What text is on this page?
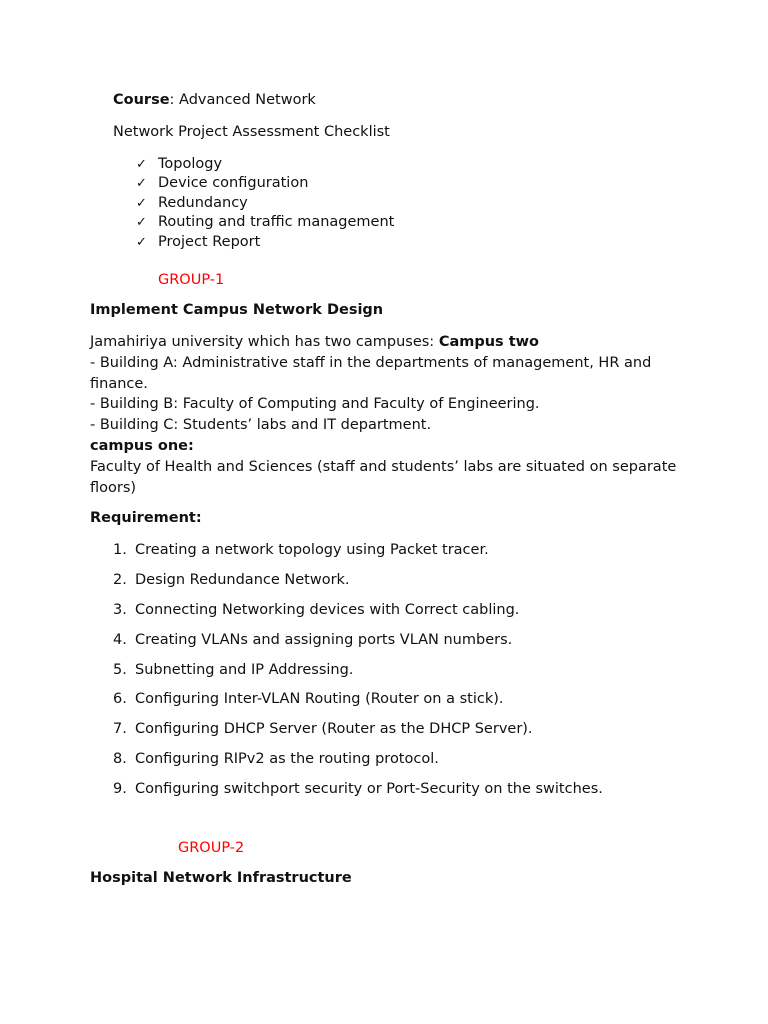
Course: Advanced Network
Network Project Assessment Checklist
✓ Topology
✓ Device configuration
✓ Redundancy
✓ Routing and traffic management
✓ Project Report
GROUP-1
Implement Campus Network Design
Jamahiriya university which has two campuses: Campus two
- Building A: Administrative staff in the departments of management, HR and finance.
- Building B: Faculty of Computing and Faculty of Engineering.
- Building C: Students’ labs and IT department.
campus one:
Faculty of Health and Sciences (staff and students’ labs are situated on separate floors)
Requirement:
1. Creating a network topology using Packet tracer.
2. Design Redundance Network.
3. Connecting Networking devices with Correct cabling.
4. Creating VLANs and assigning ports VLAN numbers.
5. Subnetting and IP Addressing.
6. Configuring Inter-VLAN Routing (Router on a stick).
7. Configuring DHCP Server (Router as the DHCP Server).
8. Configuring RIPv2 as the routing protocol.
9. Configuring switchport security or Port-Security on the switches.
GROUP-2
Hospital Network Infrastructure
